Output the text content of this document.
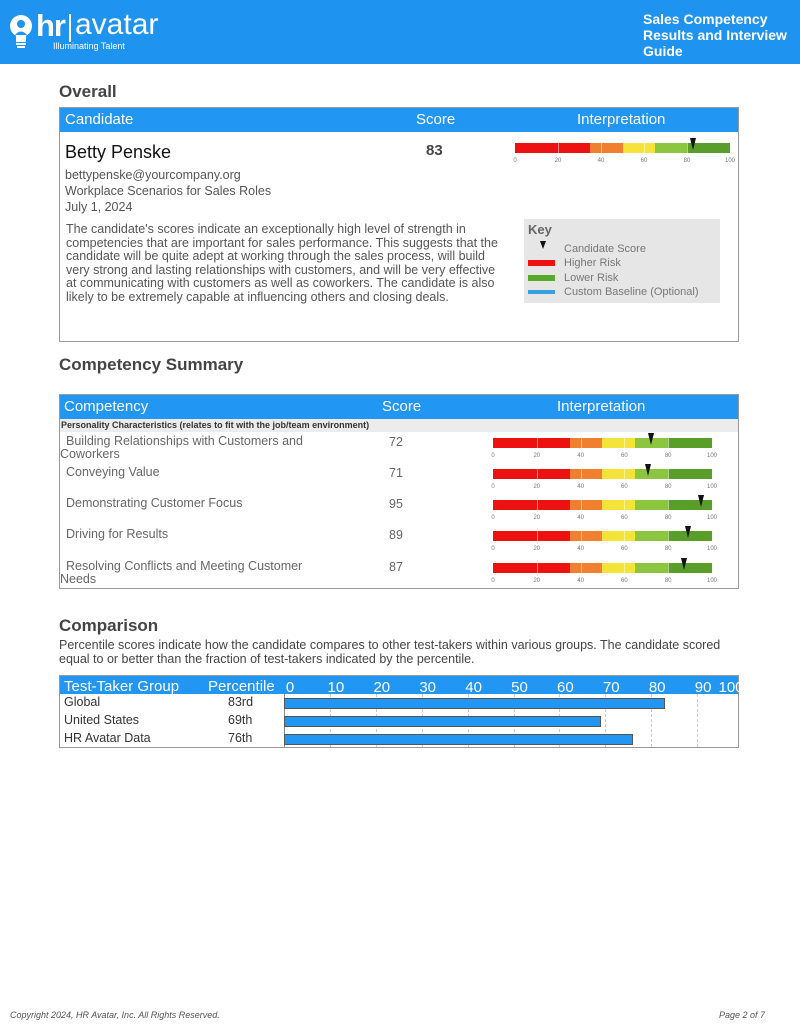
hr avatar
Illuminating Talent
Sales Competency Results and Interview Guide
Overall
Candidate	Score	Interpretation
Betty Penske	83
0	20	40	60	80	100
bettypenske@yourcompany.org
Workplace Scenarios for Sales Roles
July 1, 2024
The candidate's scores indicate an exceptionally high level of strength in competencies that are important for sales performance. This suggests that the candidate will be quite adept at working through the sales process, will build very strong and lasting relationships with customers, and will be very effective at communicating with customers as well as coworkers. The candidate is also likely to be extremely capable at influencing others and closing deals.
Key
Candidate Score
Higher Risk
Lower Risk
Custom Baseline (Optional)
Competency Summary
Competency	Score	Interpretation
Personality Characteristics (relates to fit with the job/team environment)
Building Relationships with Customers and Coworkers
72
0	20	40	60	80	100
Conveying Value	71
0	20	40	60	80	100
Demonstrating Customer Focus	95
0	20	40	60	80	100
Driving for Results	89
0	20	40	60	80	100
Resolving Conflicts and Meeting Customer Needs
87
0	20	40	60	80	100
Comparison
Percentile scores indicate how the candidate compares to other test-takers within various groups. The candidate scored equal to or better than the fraction of test-takers indicated by the percentile.
Test-Taker Group Percentile 0 10 20 30 40 50 60 70 80 90 100
Global	83rd
United States	69th
HR Avatar Data	76th
Copyright 2024, HR Avatar, Inc. All Rights Reserved.	Page 2 of 7
